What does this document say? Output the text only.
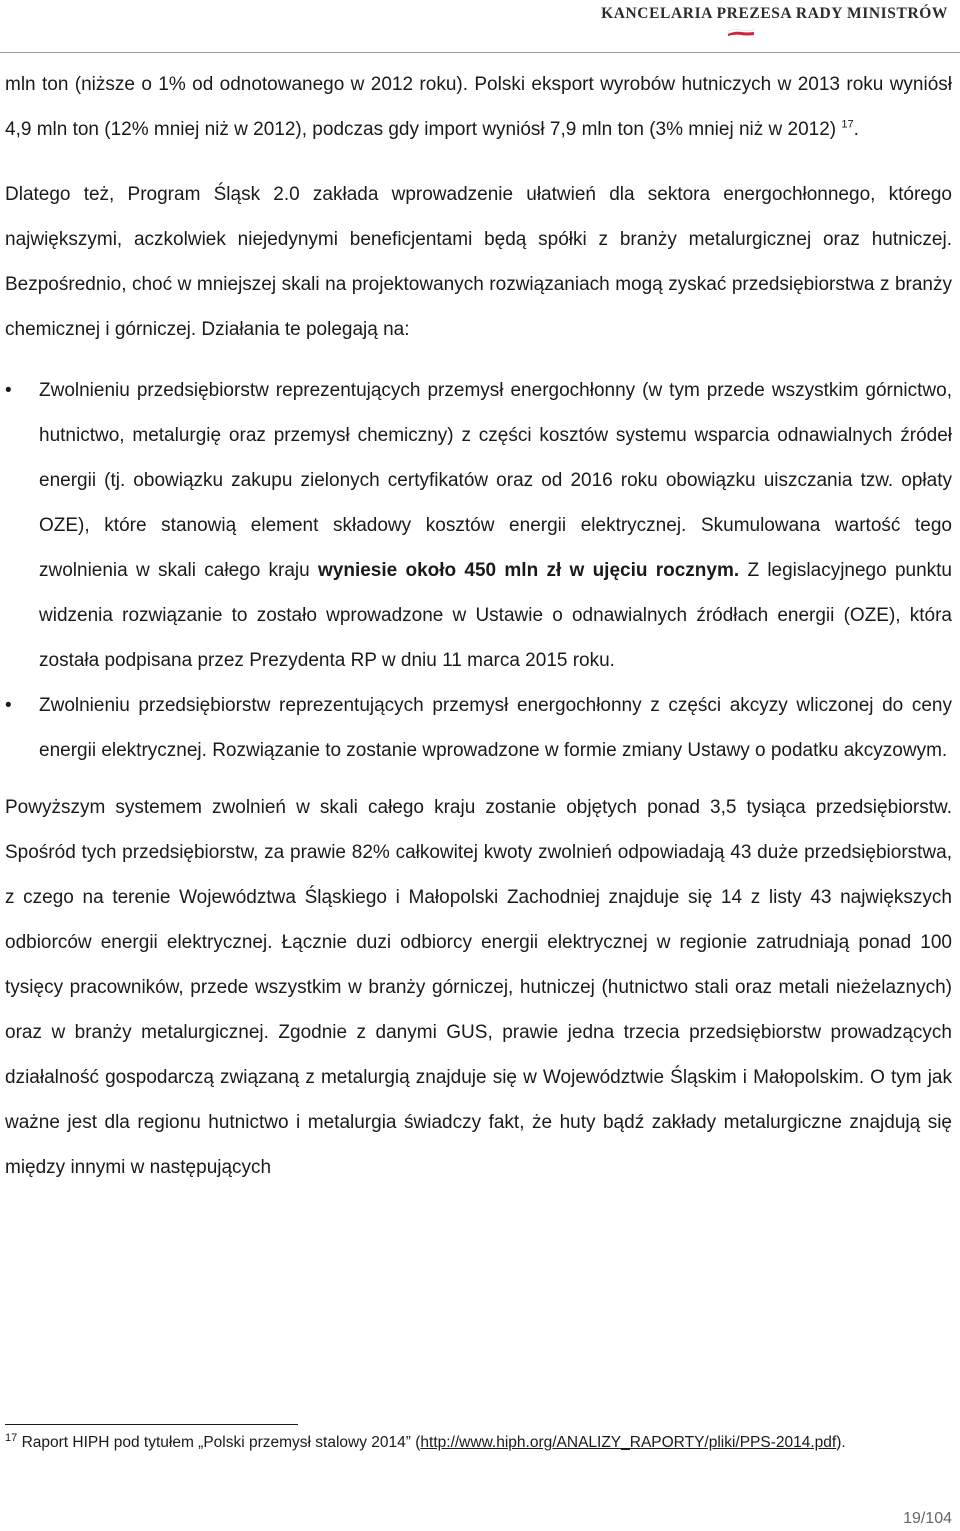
KANCELARIA PREZESA RADY MINISTRÓW

mln ton (niższe o 1% od odnotowanego w 2012 roku). Polski eksport wyrobów hutniczych w 2013 roku wyniósł 4,9 mln ton (12% mniej niż w 2012), podczas gdy import wyniósł 7,9 mln ton (3% mniej niż w 2012) $^{17}$.

Dlatego też, Program Śląsk 2.0 zakłada wprowadzenie ułatwień dla sektora energochłonnego, którego największymi, aczkolwiek niejedynymi beneficjentami będą spółki z branży metalurgicznej oraz hutniczej. Bezpośrednio, choć w mniejszej skali na projektowanych rozwiązaniach mogą zyskać przedsiębiorstwa z branży chemicznej i górniczej. Działania te polegają na:

• Zwolnieniu przedsiębiorstw reprezentujących przemysł energochłonny (w tym przede wszystkim górnictwo, hutnictwo, metalurgię oraz przemysł chemiczny) z części kosztów systemu wsparcia odnawialnych źródeł energii (tj. obowiązku zakupu zielonych certyfikatów oraz od 2016 roku obowiązku uiszczania tzw. opłaty OZE), które stanowią element składowy kosztów energii elektrycznej. Skumulowana wartość tego zwolnienia w skali całego kraju wyniesie około 450 mln zł w ujęciu rocznym. Z legislacyjnego punktu widzenia rozwiązanie to zostało wprowadzone w Ustawie o odnawialnych źródłach energii (OZE), która została podpisana przez Prezydenta RP w dniu 11 marca 2015 roku.
• Zwolnieniu przedsiębiorstw reprezentujących przemysł energochłonny z części akcyzy wliczonej do ceny energii elektrycznej. Rozwiązanie to zostanie wprowadzone w formie zmiany Ustawy o podatku akcyzowym.

Powyższym systemem zwolnień w skali całego kraju zostanie objętych ponad 3,5 tysiąca przedsiębiorstw. Spośród tych przedsiębiorstw, za prawie 82% całkowitej kwoty zwolnień odpowiadają 43 duże przedsiębiorstwa, z czego na terenie Województwa Śląskiego i Małopolski Zachodniej znajduje się 14 z listy 43 największych odbiorców energii elektrycznej. Łącznie duzi odbiorcy energii elektrycznej w regionie zatrudniają ponad 100 tysięcy pracowników, przede wszystkim w branży górniczej, hutniczej (hutnictwo stali oraz metali nieżelaznych) oraz w branży metalurgicznej. Zgodnie z danymi GUS, prawie jedna trzecia przedsiębiorstw prowadzących działalność gospodarczą związaną z metalurgią znajduje się w Województwie Śląskim i Małopolskim. O tym jak ważne jest dla regionu hutnictwo i metalurgia świadczy fakt, że huty bądź zakłady metalurgiczne znajdują się między innymi w następujących

$^{17}$ Raport HIPH pod tytułem „Polski przemysł stalowy 2014” (http://www.hiph.org/ANALIZY_RAPORTY/pliki/PPS-2014.pdf).
19/104
